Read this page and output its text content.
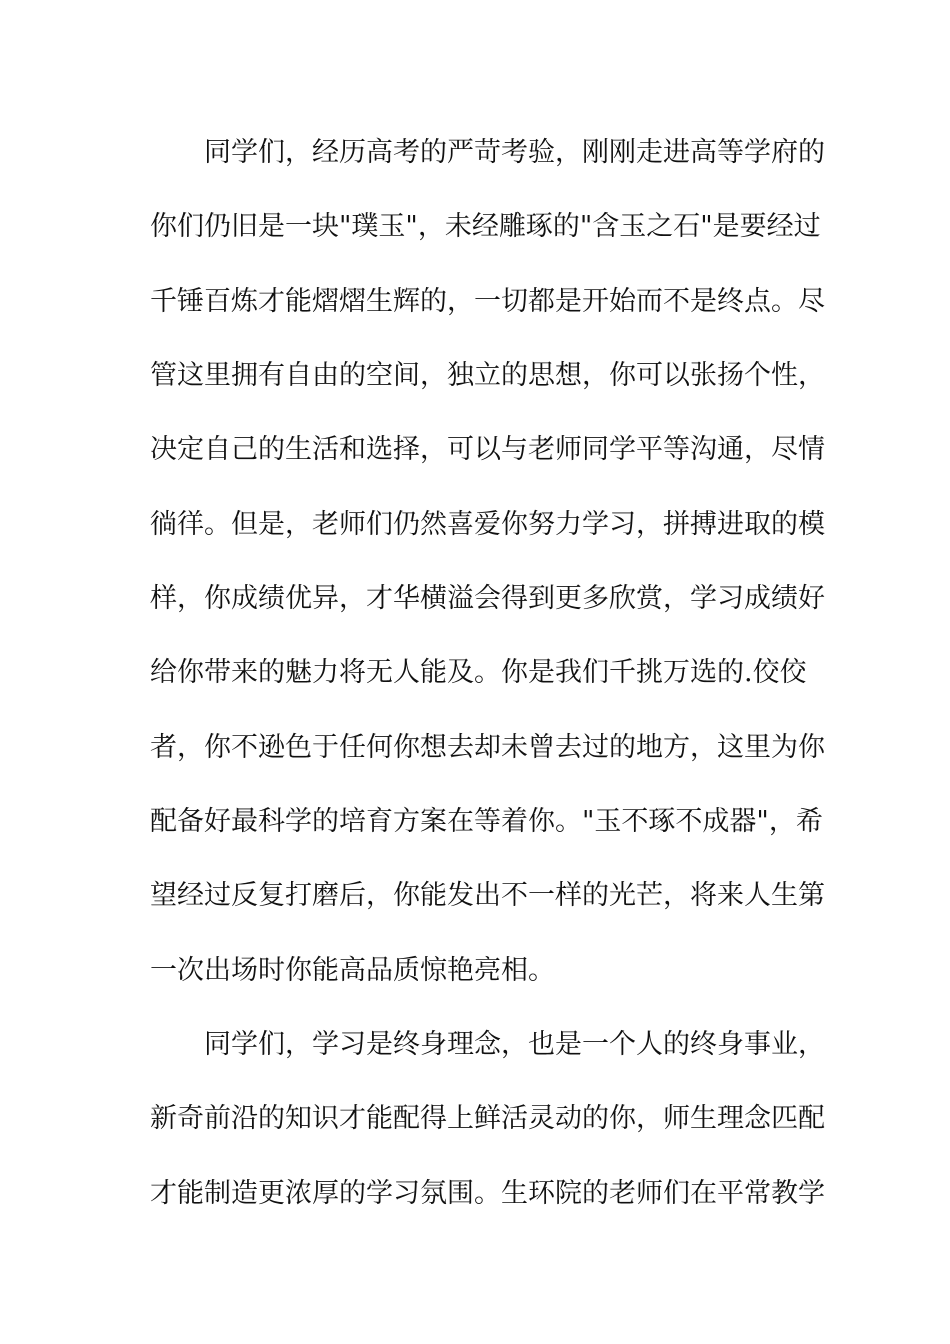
同学们，经历高考的严苛考验，刚刚走进高等学府的
你们仍旧是一块"璞玉"，未经雕琢的"含玉之石"是要经过
千锤百炼才能熠熠生辉的，一切都是开始而不是终点。尽
管这里拥有自由的空间，独立的思想，你可以张扬个性，
决定自己的生活和选择，可以与老师同学平等沟通，尽情
徜徉。但是，老师们仍然喜爱你努力学习，拼搏进取的模
样，你成绩优异，才华横溢会得到更多欣赏，学习成绩好
给你带来的魅力将无人能及。你是我们千挑万选的.佼佼
者，你不逊色于任何你想去却未曾去过的地方，这里为你
配备好最科学的培育方案在等着你。"玉不琢不成器"，希
望经过反复打磨后，你能发出不一样的光芒，将来人生第
一次出场时你能高品质惊艳亮相。
同学们，学习是终身理念，也是一个人的终身事业，
新奇前沿的知识才能配得上鲜活灵动的你，师生理念匹配
才能制造更浓厚的学习氛围。生环院的老师们在平常教学
